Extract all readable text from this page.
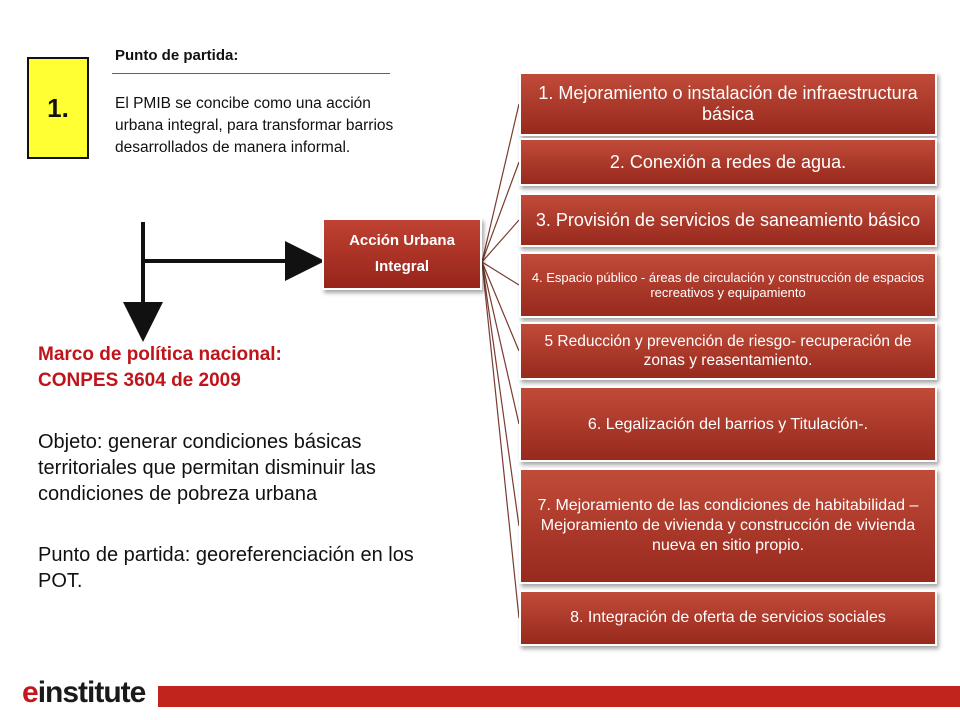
1.
Punto de partida:
El PMIB se concibe como una acción urbana integral, para transformar barrios desarrollados de manera informal.
Acción Urbana
Integral
Marco de política nacional:
CONPES 3604 de 2009
Objeto: generar condiciones básicas territoriales que permitan disminuir las condiciones de pobreza urbana
Punto de partida: georeferenciación en los POT.
1. Mejoramiento o instalación de infraestructura básica
2. Conexión a redes de agua.
3. Provisión de servicios de saneamiento básico
4. Espacio público - áreas de circulación y construcción de espacios recreativos y equipamiento
5 Reducción y prevención de riesgo- recuperación de zonas y reasentamiento.
6. Legalización del barrios y Titulación-.
7. Mejoramiento de las condiciones de habitabilidad – Mejoramiento de vivienda y construcción de vivienda nueva en sitio propio.
8. Integración de oferta de servicios sociales
einstitute
